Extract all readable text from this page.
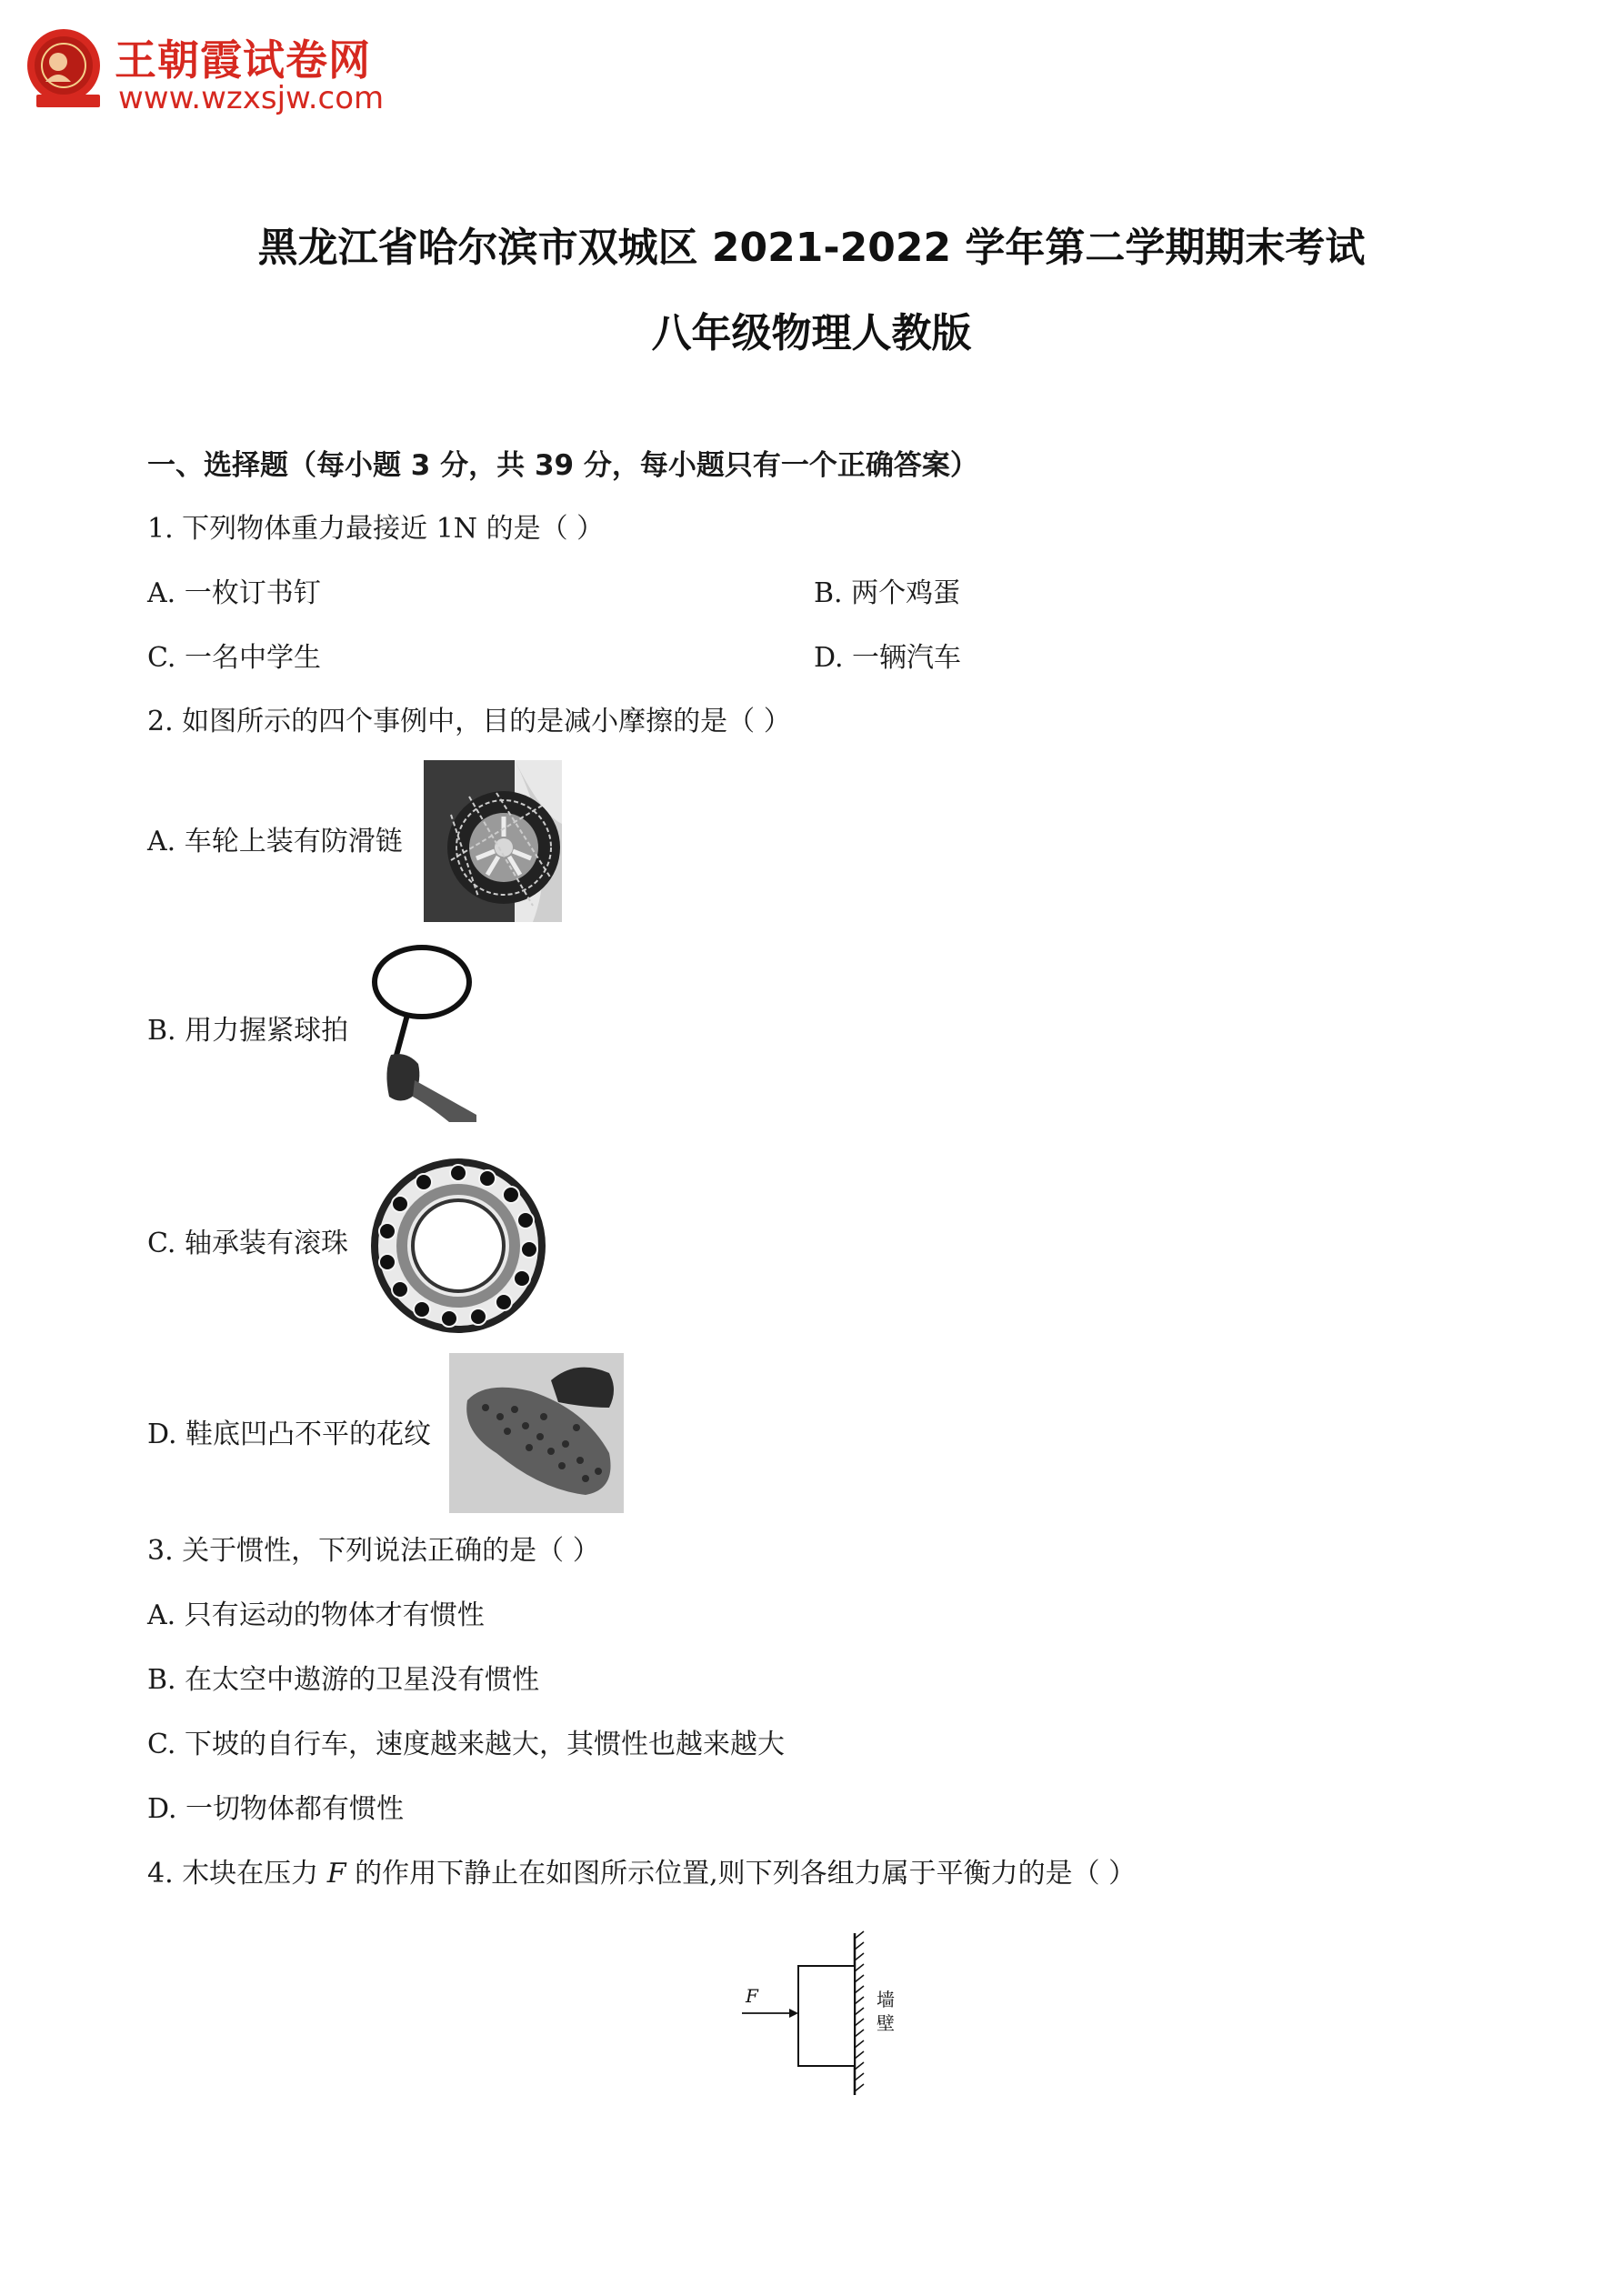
王朝霞试卷网
www.wzxsjw.com
黑龙江省哈尔滨市双城区 2021-2022 学年第二学期期末考试
八年级物理人教版
一、选择题（每小题 3 分，共 39 分，每小题只有一个正确答案）
1. 下列物体重力最接近 1N 的是（ ）
A. 一枚订书钉	B. 两个鸡蛋
C. 一名中学生	D. 一辆汽车
2. 如图所示的四个事例中，目的是减小摩擦的是（ ）
A. 车轮上装有防滑链
B. 用力握紧球拍
C. 轴承装有滚珠
D. 鞋底凹凸不平的花纹
3. 关于惯性，下列说法正确的是（ ）
A. 只有运动的物体才有惯性
B. 在太空中遨游的卫星没有惯性
C. 下坡的自行车，速度越来越大，其惯性也越来越大
D. 一切物体都有惯性
4. 木块在压力 F 的作用下静止在如图所示位置,则下列各组力属于平衡力的是（ ）
F	墙
壁
